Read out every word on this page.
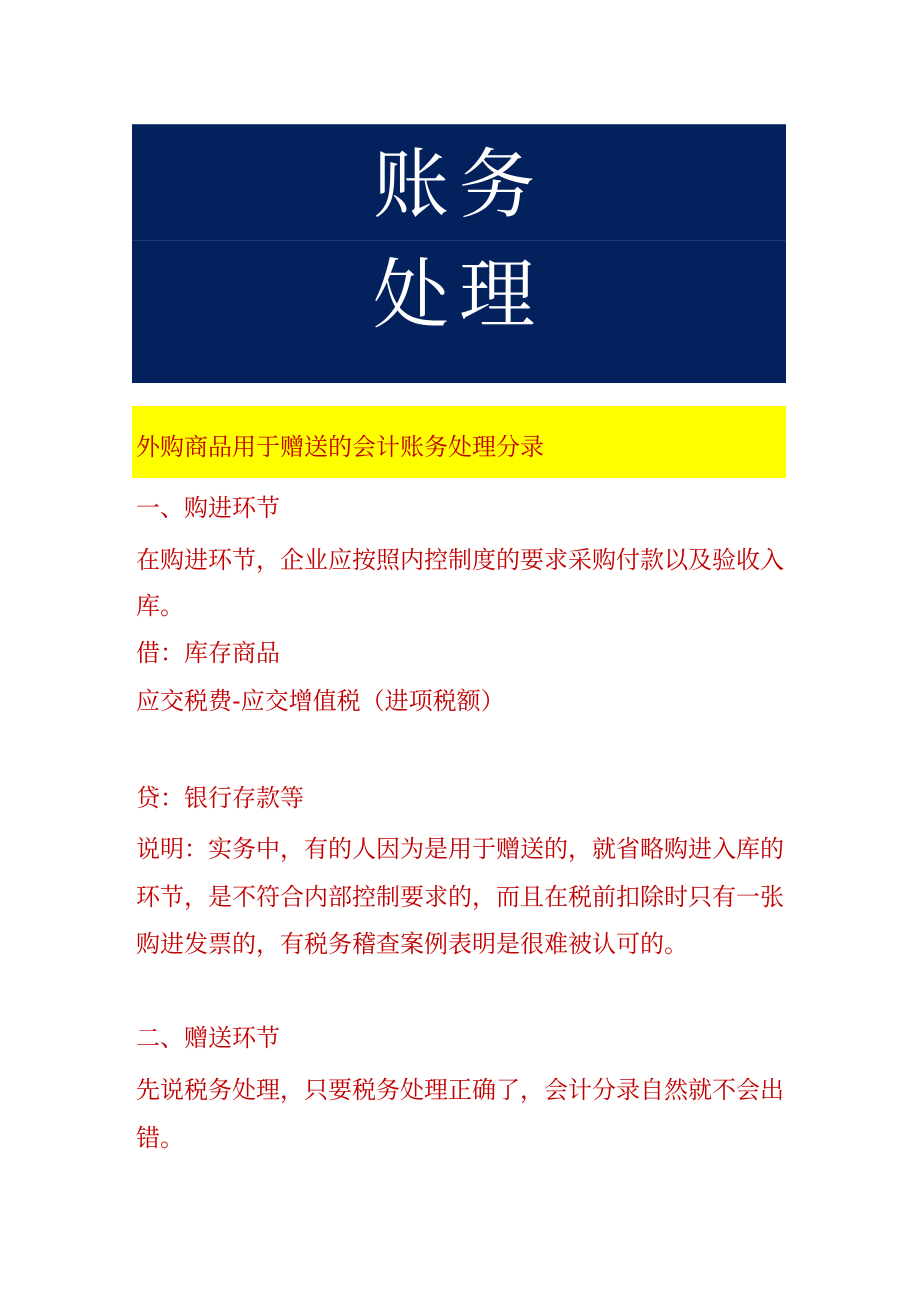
账务
处理
外购商品用于赠送的会计账务处理分录
一、购进环节
在购进环节，企业应按照内控制度的要求采购付款以及验收入库。
借：库存商品
应交税费-应交增值税（进项税额）
贷：银行存款等
说明：实务中，有的人因为是用于赠送的，就省略购进入库的环节，是不符合内部控制要求的，而且在税前扣除时只有一张购进发票的，有税务稽查案例表明是很难被认可的。
二、赠送环节
先说税务处理，只要税务处理正确了，会计分录自然就不会出错。
